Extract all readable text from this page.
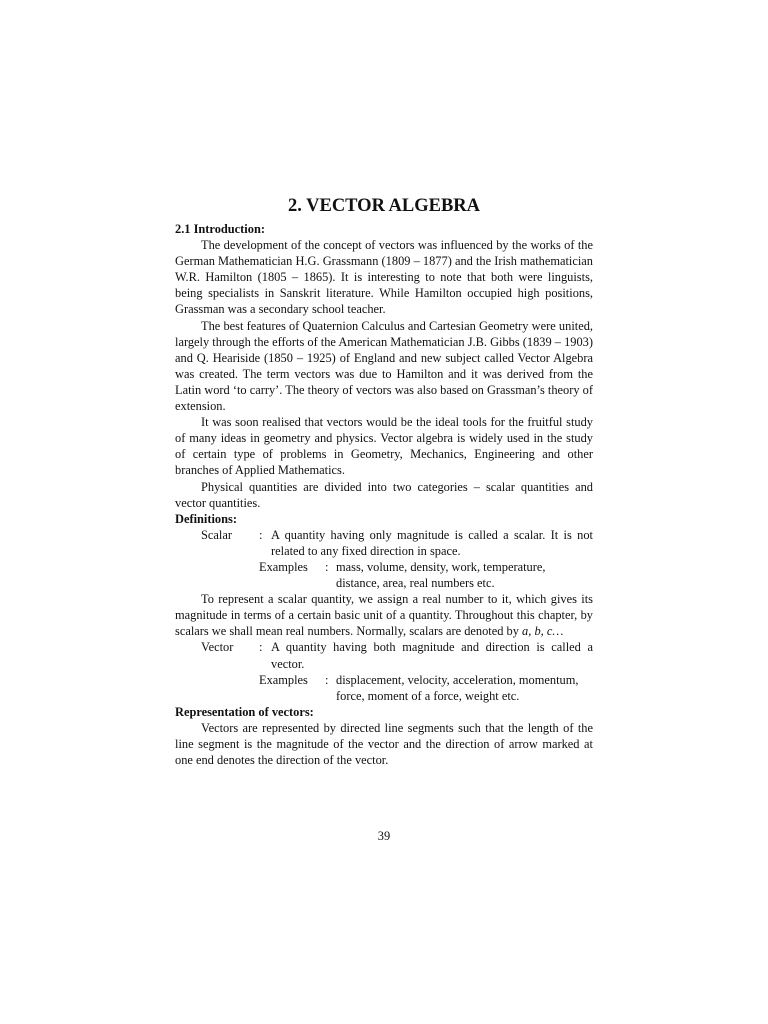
2. VECTOR ALGEBRA
2.1 Introduction:

The development of the concept of vectors was influenced by the works of the German Mathematician H.G. Grassmann (1809 – 1877) and the Irish mathematician W.R. Hamilton (1805 – 1865). It is interesting to note that both were linguists, being specialists in Sanskrit literature. While Hamilton occupied high positions, Grassman was a secondary school teacher.

The best features of Quaternion Calculus and Cartesian Geometry were united, largely through the efforts of the American Mathematician J.B. Gibbs (1839 – 1903) and Q. Heariside (1850 – 1925) of England and new subject called Vector Algebra was created. The term vectors was due to Hamilton and it was derived from the Latin word ‘to carry’. The theory of vectors was also based on Grassman’s theory of extension.

It was soon realised that vectors would be the ideal tools for the fruitful study of many ideas in geometry and physics. Vector algebra is widely used in the study of certain type of problems in Geometry, Mechanics, Engineering and other branches of Applied Mathematics.

Physical quantities are divided into two categories – scalar quantities and vector quantities.

Definitions:
Scalar	: A quantity having only magnitude is called a scalar. It is not related to any fixed direction in space.
Examples	: mass, volume, density, work, temperature,
distance, area, real numbers etc.

To represent a scalar quantity, we assign a real number to it, which gives its magnitude in terms of a certain basic unit of a quantity. Throughout this chapter, by scalars we shall mean real numbers. Normally, scalars are denoted by a, b, c…

Vector	: A quantity having both magnitude and direction is called a vector.
Examples	: displacement, velocity, acceleration, momentum,
force, moment of a force, weight etc.
Representation of vectors:

Vectors are represented by directed line segments such that the length of the line segment is the magnitude of the vector and the direction of arrow marked at one end denotes the direction of the vector.

39
